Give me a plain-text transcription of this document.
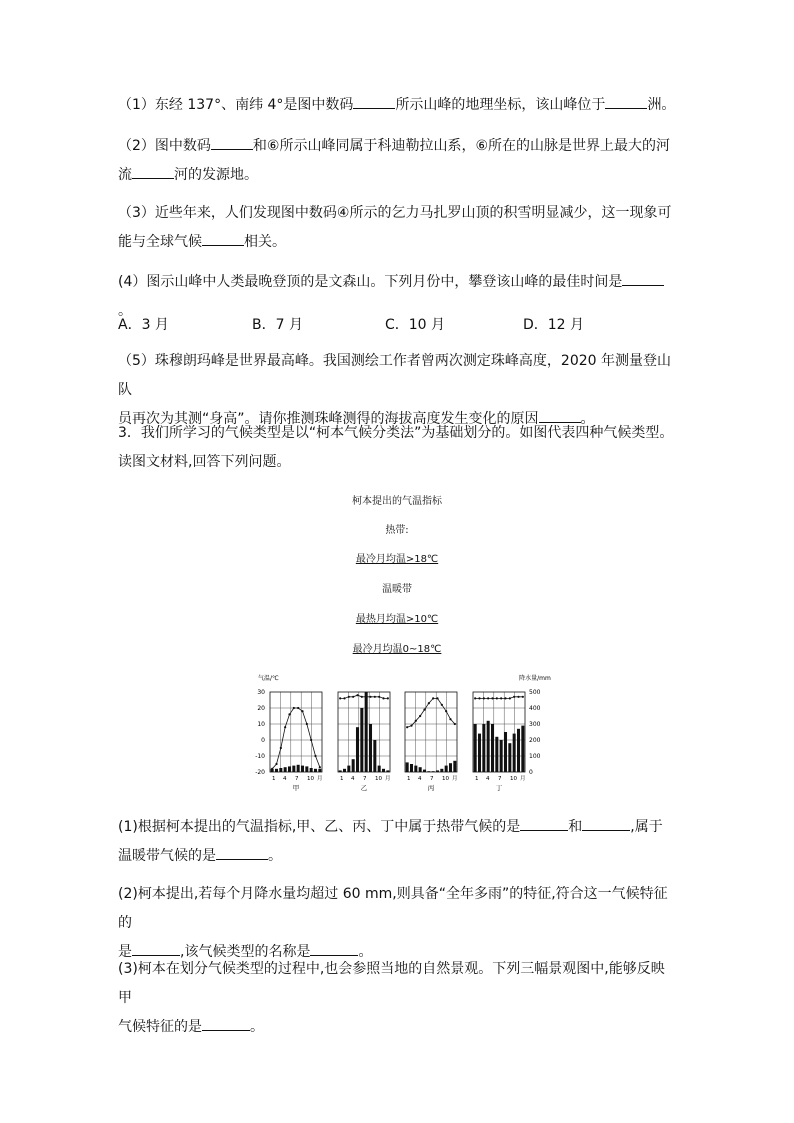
（1）东经 137°、南纬 4°是图中数码	所示山峰的地理坐标，该山峰位于	洲。

（2）图中数码	和⑥所示山峰同属于科迪勒拉山系，⑥所在的山脉是世界上最大的河
流	河的发源地。

（3）近些年来，人们发现图中数码④所示的乞力马扎罗山顶的积雪明显减少，这一现象可
能与全球气候	相关。

(4）图示山峰中人类最晚登顶的是文森山。下列月份中，攀登该山峰的最佳时间是。

A．3 月	B．7 月	C．10 月	D．12 月

（5）珠穆朗玛峰是世界最高峰。我国测绘工作者曾两次测定珠峰高度，2020 年测量登山队
员再次为其测“身高”。请你推测珠峰测得的海拔高度发生变化的原因	。

3．我们所学习的气候类型是以“柯本气候分类法”为基础划分的。如图代表四种气候类型。
读图文材料,回答下列问题。

柯本提出的气温指标
热带:
最冷月均温>18℃
温暖带
最热月均温>10℃
最冷月均温0~18℃
气温/℃	降水量/mm
30
20
10
0
-10
-20
500
400
300
200
100
0
1 4 7 10 月
甲
1 4 7 10 月
乙
1 4 7 10 月
丙
1 4 7 10 月
丁

(1)根据柯本提出的气温指标,甲、乙、丙、丁中属于热带气候的是	和	,属于
温暖带气候的是	。

(2)柯本提出,若每个月降水量均超过 60 mm,则具备“全年多雨”的特征,符合这一气候特征的
是	,该气候类型的名称是	。

(3)柯本在划分气候类型的过程中,也会参照当地的自然景观。下列三幅景观图中,能够反映甲
气候特征的是	。
